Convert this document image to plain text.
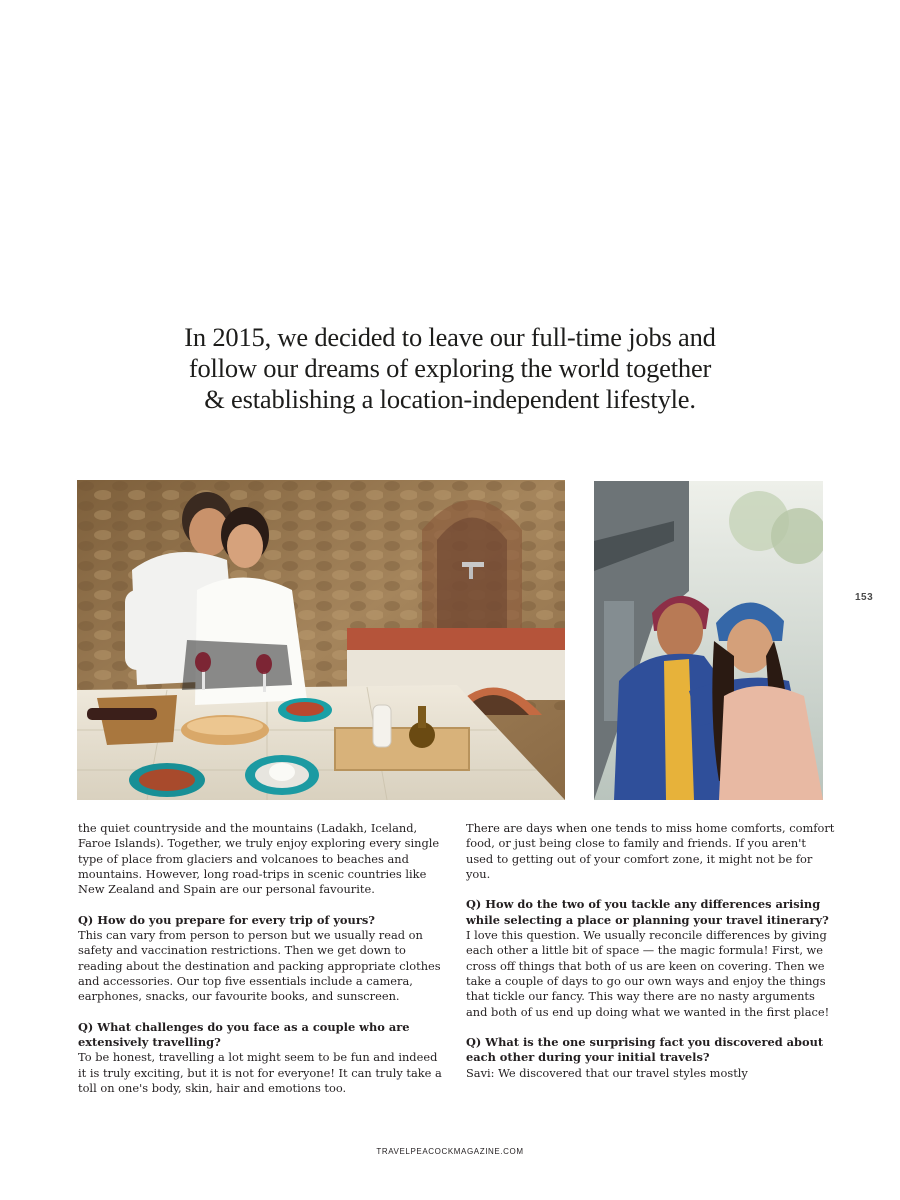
In 2015, we decided to leave our full-time jobs and
follow our dreams of exploring the world together
& establishing a location-independent lifestyle.
153

the quiet countryside and the mountains (Ladakh, Iceland, Faroe Islands). Together, we truly enjoy exploring every single type of place from glaciers and volcanoes to beaches and mountains. However, long road-trips in scenic countries like New Zealand and Spain are our personal favourite.

Q) How do you prepare for every trip of yours?
This can vary from person to person but we usually read on safety and vaccination restrictions. Then we get down to reading about the destination and packing appropriate clothes and accessories. Our top five essentials include a camera, earphones, snacks, our favourite books, and sunscreen.

Q) What challenges do you face as a couple who are extensively travelling?
To be honest, travelling a lot might seem to be fun and indeed it is truly exciting, but it is not for everyone! It can truly take a toll on one's body, skin, hair and emotions too.

There are days when one tends to miss home comforts, comfort food, or just being close to family and friends. If you aren't used to getting out of your comfort zone, it might not be for you.

Q) How do the two of you tackle any differences arising while selecting a place or planning your travel itinerary?
I love this question. We usually reconcile differences by giving each other a little bit of space — the magic formula! First, we cross off things that both of us are keen on covering. Then we take a couple of days to go our own ways and enjoy the things that tickle our fancy. This way there are no nasty arguments and both of us end up doing what we wanted in the first place!

Q) What is the one surprising fact you discovered about each other during your initial travels?
Savi: We discovered that our travel styles mostly

TRAVELPEACOCKMAGAZINE.COM
